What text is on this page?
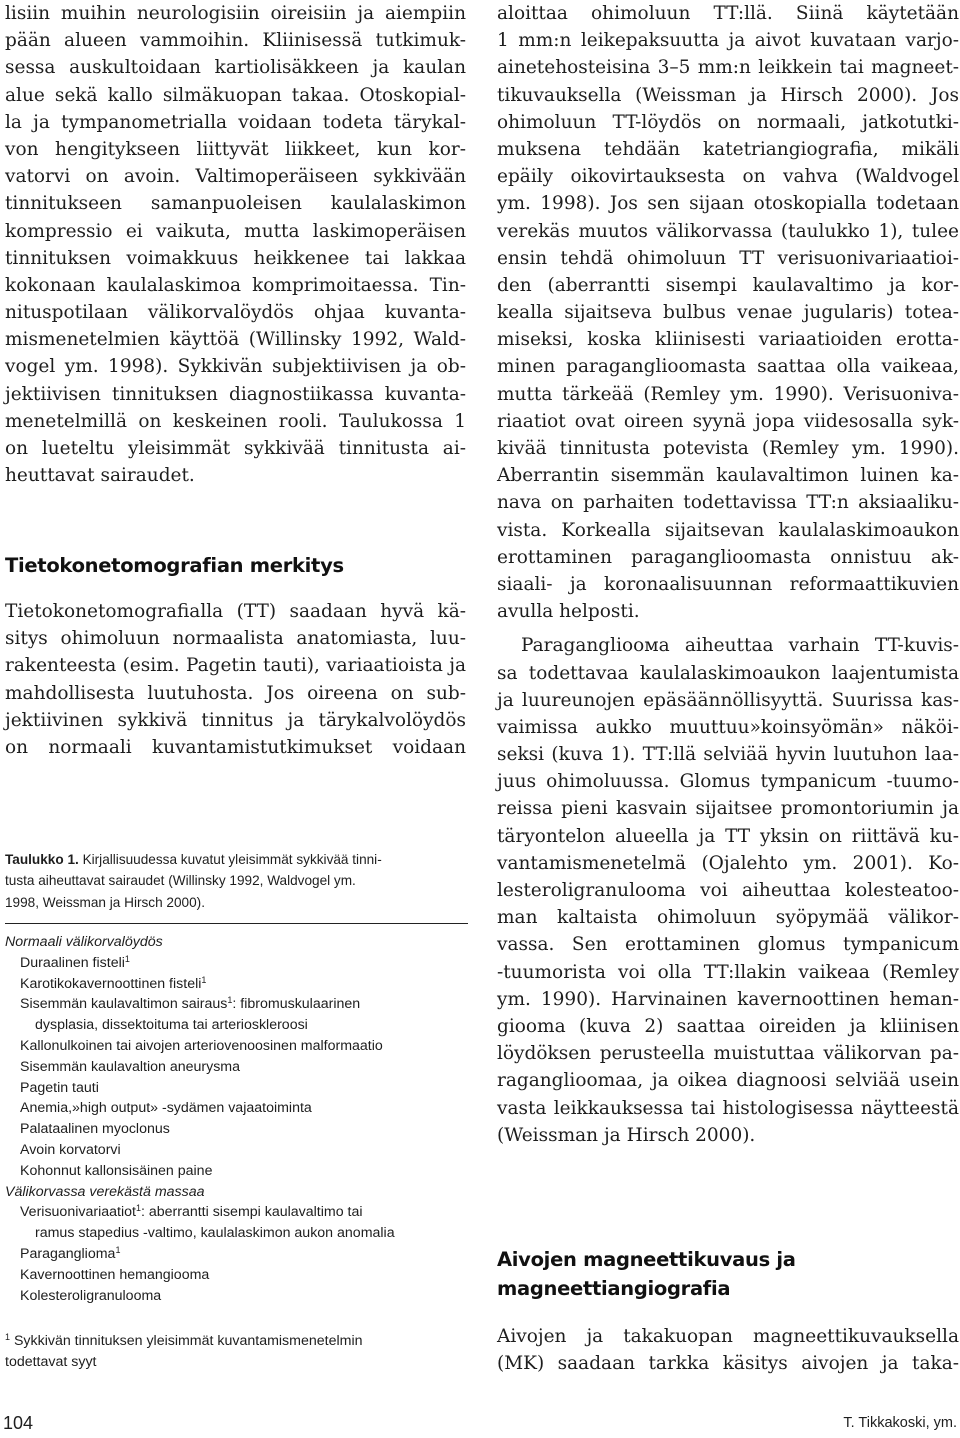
lisiin muihin neurologisiin oireisiin ja aiempiin
pään alueen vammoihin. Kliinisessä tutkimuk-
sessa auskultoidaan kartiolisäkkeen ja kaulan
alue sekä kallo silmäkuopan takaa. Otoskopial-
la ja tympanometrialla voidaan todeta tärykal-
von hengitykseen liittyvät liikkeet, kun kor-
vatorvi on avoin. Valtimoperäiseen sykkivään
tinnitukseen samanpuoleisen kaulalaskimon
kompressio ei vaikuta, mutta laskimoperäisen
tinnituksen voimakkuus heikkenee tai lakkaa
kokonaan kaulalaskimoa komprimoitaessa. Tin-
nituspotilaan välikorvalöydös ohjaa kuvanta-
mismenetelmien käyttöä (Willinsky 1992, Wald-
vogel ym. 1998). Sykkivän subjektiivisen ja ob-
jektiivisen tinnituksen diagnostiikassa kuvanta-
menetelmillä on keskeinen rooli. Taulukossa 1
on lueteltu yleisimmät sykkivää tinnitusta ai-
heuttavat sairaudet.
Tietokonetomografian merkitys
Tietokonetomografialla (TT) saadaan hyvä kä-
sitys ohimoluun normaalista anatomiasta, luu-
rakenteesta (esim. Pagetin tauti), variaatioista ja
mahdollisesta luutuhosta. Jos oireena on sub-
jektiivinen sykkivä tinnitus ja tärykalvolöydös
on normaali kuvantamistutkimukset voidaan
Taulukko 1. Kirjallisuudessa kuvatut yleisimmät sykkivää tinni-
tusta aiheuttavat sairaudet (Willinsky 1992, Waldvogel ym.
1998, Weissman ja Hirsch 2000).
Normaali välikorvalöydös
Duraalinen fisteli$^1$
Karotikokavernoottinen fisteli$^1$
Sisemmän kaulavaltimon sairaus$^1$: fibromuskulaarinen
dysplasia, dissektoituma tai arterioskleroosi
Kallonulkoinen tai aivojen arteriovenoosinen malformaatio
Sisemmän kaulavaltion aneurysma
Pagetin tauti
Anemia,»high output» -sydämen vajaatoiminta
Palataalinen myoclonus
Avoin korvatorvi
Kohonnut kallonsisäinen paine
Välikorvassa verekästä massaa
Verisuonivariaatiot$^1$: aberrantti sisempi kaulavaltimo tai
ramus stapedius -valtimo, kaulalaskimon aukon anomalia
Paraganglioma$^1$
Kavernoottinen hemangiooma
Kolesteroligranulooma
$^1$ Sykkivän tinnituksen yleisimmät kuvantamismenetelmin
todettavat syyt
aloittaa ohimoluun TT:llä. Siinä käytetään
1 mm:n leikepaksuutta ja aivot kuvataan varjo-
ainetehosteisina 3–5 mm:n leikkein tai magneet-
tikuvauksella (Weissman ja Hirsch 2000). Jos
ohimoluun TT-löydös on normaali, jatkotutki-
muksena tehdään katetriangiografia, mikäli
epäily oikovirtauksesta on vahva (Waldvogel
ym. 1998). Jos sen sijaan otoskopialla todetaan
verekäs muutos välikorvassa (taulukko 1), tulee
ensin tehdä ohimoluun TT verisuonivariaatioi-
den (aberrantti sisempi kaulavaltimo ja kor-
kealla sijaitseva bulbus venae jugularis) totea-
miseksi, koska kliinisesti variaatioiden erotta-
minen paraganglioomasta saattaa olla vaikeaa,
mutta tärkeää (Remley ym. 1990). Verisuoniva-
riaatiot ovat oireen syynä jopa viidesosalla syk-
kivää tinnitusta potevista (Remley ym. 1990).
Aberrantin sisemmän kaulavaltimon luinen ka-
nava on parhaiten todettavissa TT:n aksiaaliku-
vista. Korkealla sijaitsevan kaulalaskimoaukon
erottaminen paraganglioomasta onnistuu ak-
siaali- ja koronaalisuunnan reformaattikuvien
avulla helposti.
Paraganglioома aiheuttaa varhain TT-kuvis-
sa todettavaa kaulalaskimoaukon laajentumista
ja luureunojen epäsäännöllisyyttä. Suurissa kas-
vaimissa aukko muuttuu»koinsyömän» näköi-
seksi (kuva 1). TT:llä selviää hyvin luutuhon laa-
juus ohimoluussa. Glomus tympanicum -tuumo-
reissa pieni kasvain sijaitsee promontoriumin ja
täryontelon alueella ja TT yksin on riittävä ku-
vantamismenetelmä (Ojalehto ym. 2001). Ko-
lesteroligranulooma voi aiheuttaa kolesteatoo-
man kaltaista ohimoluun syöpymää välikor-
vassa. Sen erottaminen glomus tympanicum
-tuumorista voi olla TT:llakin vaikeaa (Remley
ym. 1990). Harvinainen kavernoottinen heman-
giooma (kuva 2) saattaa oireiden ja kliinisen
löydöksen perusteella muistuttaa välikorvan pa-
raganglioomaa, ja oikea diagnoosi selviää usein
vasta leikkauksessa tai histologisessa näytteestä
(Weissman ja Hirsch 2000).
Aivojen magneettikuvaus ja
magneettiangiografia
Aivojen ja takakuopan magneettikuvauksella
(MK) saadaan tarkka käsitys aivojen ja taka-
104	T. Tikkakoski, ym.
